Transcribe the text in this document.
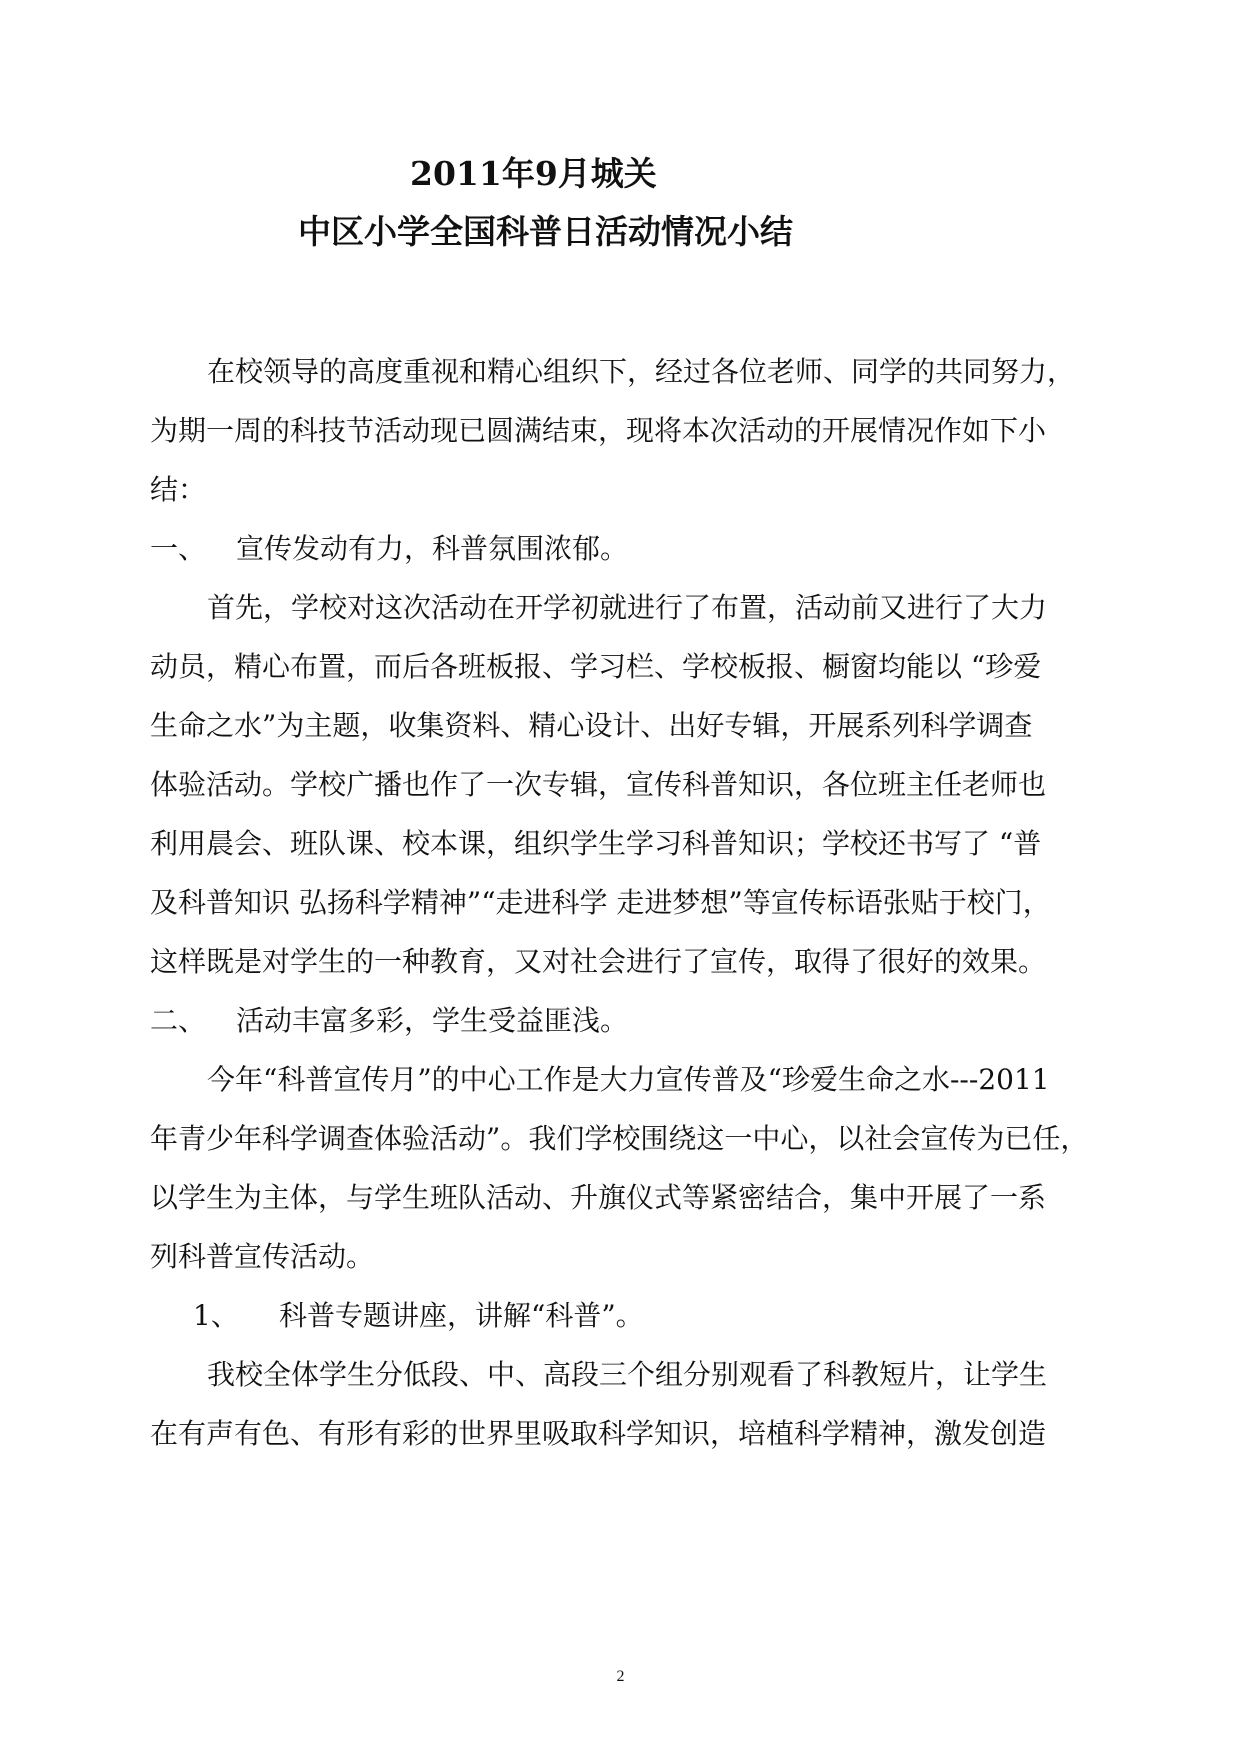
2011年9月城关
中区小学全国科普日活动情况小结
在校领导的高度重视和精心组织下，经过各位老师、同学的共同努力，
为期一周的科技节活动现已圆满结束，现将本次活动的开展情况作如下小
结：
一、 宣传发动有力，科普氛围浓郁。
首先，学校对这次活动在开学初就进行了布置，活动前又进行了大力
动员，精心布置，而后各班板报、学习栏、学校板报、橱窗均能以 “珍爱
生命之水”为主题，收集资料、精心设计、出好专辑，开展系列科学调查
体验活动。学校广播也作了一次专辑，宣传科普知识，各位班主任老师也
利用晨会、班队课、校本课，组织学生学习科普知识；学校还书写了 “普
及科普知识 弘扬科学精神”“走进科学 走进梦想”等宣传标语张贴于校门，
这样既是对学生的一种教育，又对社会进行了宣传，取得了很好的效果。
二、 活动丰富多彩，学生受益匪浅。
今年“科普宣传月”的中心工作是大力宣传普及“珍爱生命之水---2011
年青少年科学调查体验活动”。我们学校围绕这一中心，以社会宣传为已任，
以学生为主体，与学生班队活动、升旗仪式等紧密结合，集中开展了一系
列科普宣传活动。
1、 科普专题讲座，讲解“科普”。
我校全体学生分低段、中、高段三个组分别观看了科教短片，让学生
在有声有色、有形有彩的世界里吸取科学知识，培植科学精神，激发创造
2
